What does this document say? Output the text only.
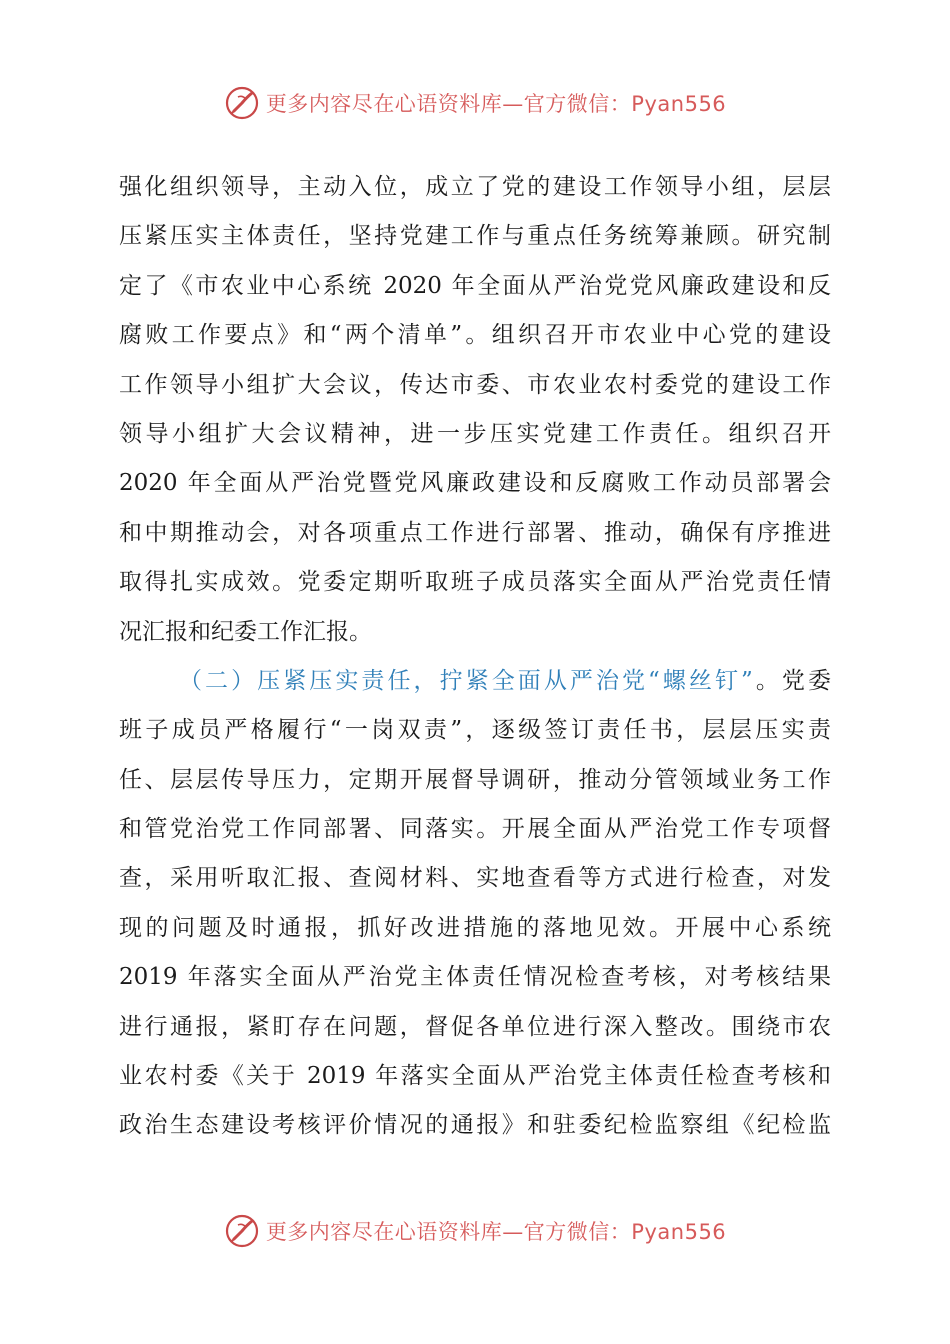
更多内容尽在心语资料库—官方微信：Pyan556
强化组织领导，主动入位，成立了党的建设工作领导小组，层层
压紧压实主体责任，坚持党建工作与重点任务统筹兼顾。研究制
定了《市农业中心系统 2020 年全面从严治党党风廉政建设和反
腐败工作要点》和“两个清单”。组织召开市农业中心党的建设
工作领导小组扩大会议，传达市委、市农业农村委党的建设工作
领导小组扩大会议精神，进一步压实党建工作责任。组织召开
2020 年全面从严治党暨党风廉政建设和反腐败工作动员部署会
和中期推动会，对各项重点工作进行部署、推动，确保有序推进
取得扎实成效。党委定期听取班子成员落实全面从严治党责任情
况汇报和纪委工作汇报。
（二）压紧压实责任，拧紧全面从严治党“螺丝钉”。党委
班子成员严格履行“一岗双责”，逐级签订责任书，层层压实责
任、层层传导压力，定期开展督导调研，推动分管领域业务工作
和管党治党工作同部署、同落实。开展全面从严治党工作专项督
查，采用听取汇报、查阅材料、实地查看等方式进行检查，对发
现的问题及时通报，抓好改进措施的落地见效。开展中心系统
2019 年落实全面从严治党主体责任情况检查考核，对考核结果
进行通报，紧盯存在问题，督促各单位进行深入整改。围绕市农
业农村委《关于 2019 年落实全面从严治党主体责任检查考核和
政治生态建设考核评价情况的通报》和驻委纪检监察组《纪检监
更多内容尽在心语资料库—官方微信：Pyan556
